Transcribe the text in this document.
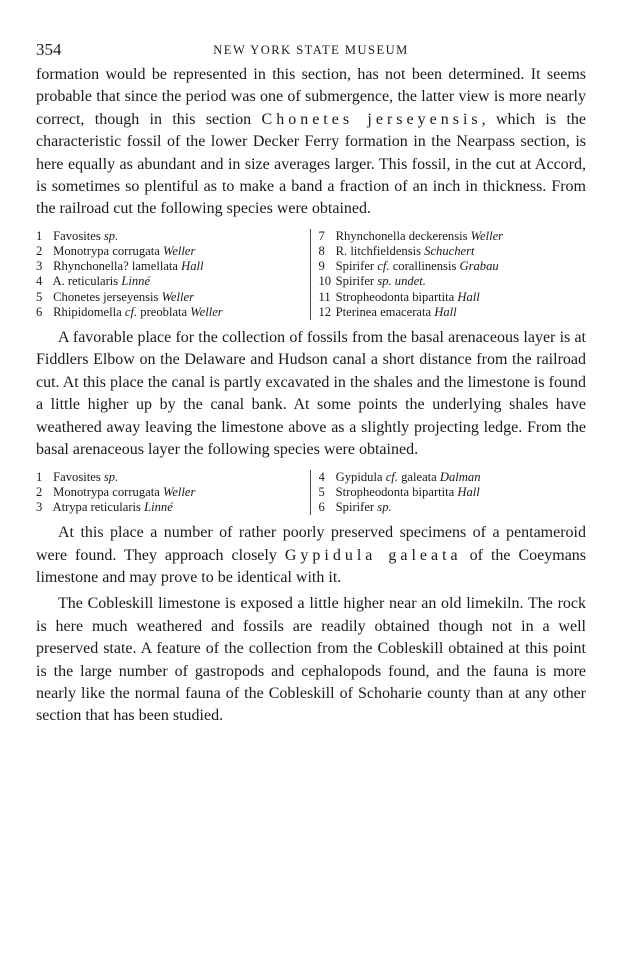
354	NEW YORK STATE MUSEUM

formation would be represented in this section, has not been determined. It seems probable that since the period was one of submergence, the latter view is more nearly correct, though in this section Chonetes jerseyensis, which is the characteristic fossil of the lower Decker Ferry formation in the Nearpass section, is here equally as abundant and in size averages larger. This fossil, in the cut at Accord, is sometimes so plentiful as to make a band a fraction of an inch in thickness. From the railroad cut the following species were obtained.

1 Favosites sp.
2 Monotrypa corrugata Weller
3 Rhynchonella? lamellata Hall
4 A. reticularis Linné
5 Chonetes jerseyensis Weller
6 Rhipidomella cf. preoblata Weller
7 Rhynchonella deckerensis Weller
8 R. litchfieldensis Schuchert
9 Spirifer cf. corallinensis Grabau
10 Spirifer sp. undet.
11 Stropheodonta bipartita Hall
12 Pterinea emacerata Hall

A favorable place for the collection of fossils from the basal arenaceous layer is at Fiddlers Elbow on the Delaware and Hudson canal a short distance from the railroad cut. At this place the canal is partly excavated in the shales and the limestone is found a little higher up by the canal bank. At some points the underlying shales have weathered away leaving the limestone above as a slightly projecting ledge. From the basal arenaceous layer the following species were obtained.

1 Favosites sp.
2 Monotrypa corrugata Weller
3 Atrypa reticularis Linné
4 Gypidula cf. galeata Dalman
5 Stropheodonta bipartita Hall
6 Spirifer sp.

At this place a number of rather poorly preserved specimens of a pentameroid were found. They approach closely Gypidula galeata of the Coeymans limestone and may prove to be identical with it.

The Cobleskill limestone is exposed a little higher near an old limekiln. The rock is here much weathered and fossils are readily obtained though not in a well preserved state. A feature of the collection from the Cobleskill obtained at this point is the large number of gastropods and cephalopods found, and the fauna is more nearly like the normal fauna of the Cobleskill of Schoharie county than at any other section that has been studied.
